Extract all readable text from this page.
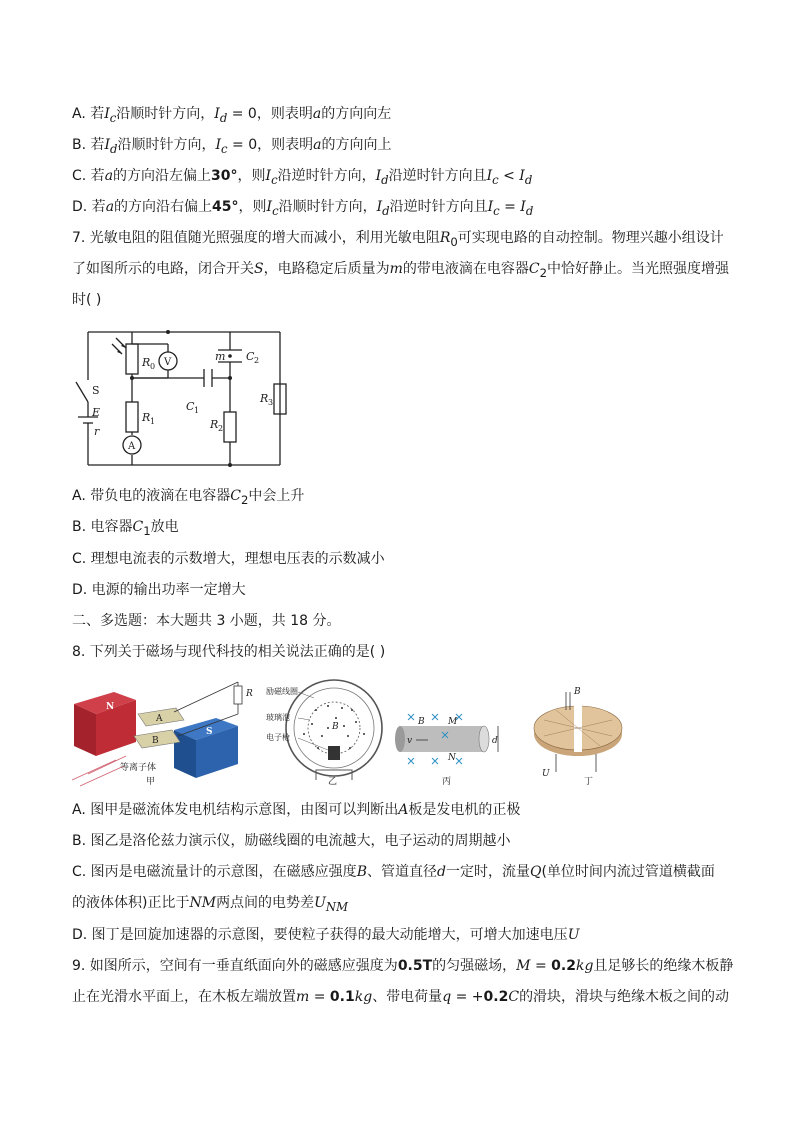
A. 若$I_c$沿顺时针方向，$I_d = 0$，则表明a的方向向左
B. 若$I_d$沿顺时针方向，$I_c = 0$，则表明a的方向向上
C. 若a的方向沿左偏上30°，则$I_c$沿逆时针方向，$I_d$沿逆时针方向且$I_c < I_d$
D. 若a的方向沿右偏上45°，则$I_c$沿顺时针方向，$I_d$沿逆时针方向且$I_c = I_d$
7. 光敏电阻的阻值随光照强度的增大而减小，利用光敏电阻$R_0$可实现电路的自动控制。物理兴趣小组设计
了如图所示的电路，闭合开关S，电路稳定后质量为m的带电液滴在电容器$C_2$中恰好静止。当光照强度增强
时( )
S
E
r
R 0
R 1	R 2
R 3
C 1
C 2
m
V
A
A. 带负电的液滴在电容器$C_2$中会上升
B. 电容器$C_1$放电
C. 理想电流表的示数增大，理想电压表的示数减小
D. 电源的输出功率一定增大
二、多选题：本大题共 3 小题，共 18 分。
8. 下列关于磁场与现代科技的相关说法正确的是( )
N
S
A
B
R
等离子体
甲
励磁线圈
玻璃泡
电子枪
B
乙
B	M
N
v	d
丙
B
U
丁
A. 图甲是磁流体发电机结构示意图，由图可以判断出A板是发电机的正极
B. 图乙是洛伦兹力演示仪，励磁线圈的电流越大，电子运动的周期越小
C. 图丙是电磁流量计的示意图，在磁感应强度B、管道直径d一定时，流量Q(单位时间内流过管道横截面
的液体体积)正比于NM两点间的电势差$U_{NM}$
D. 图丁是回旋加速器的示意图，要使粒子获得的最大动能增大，可增大加速电压U
9. 如图所示，空间有一垂直纸面向外的磁感应强度为0.5T的匀强磁场，M = 0.2kg且足够长的绝缘木板静
止在光滑水平面上，在木板左端放置m = 0.1kg、带电荷量q = +0.2C的滑块，滑块与绝缘木板之间的动
